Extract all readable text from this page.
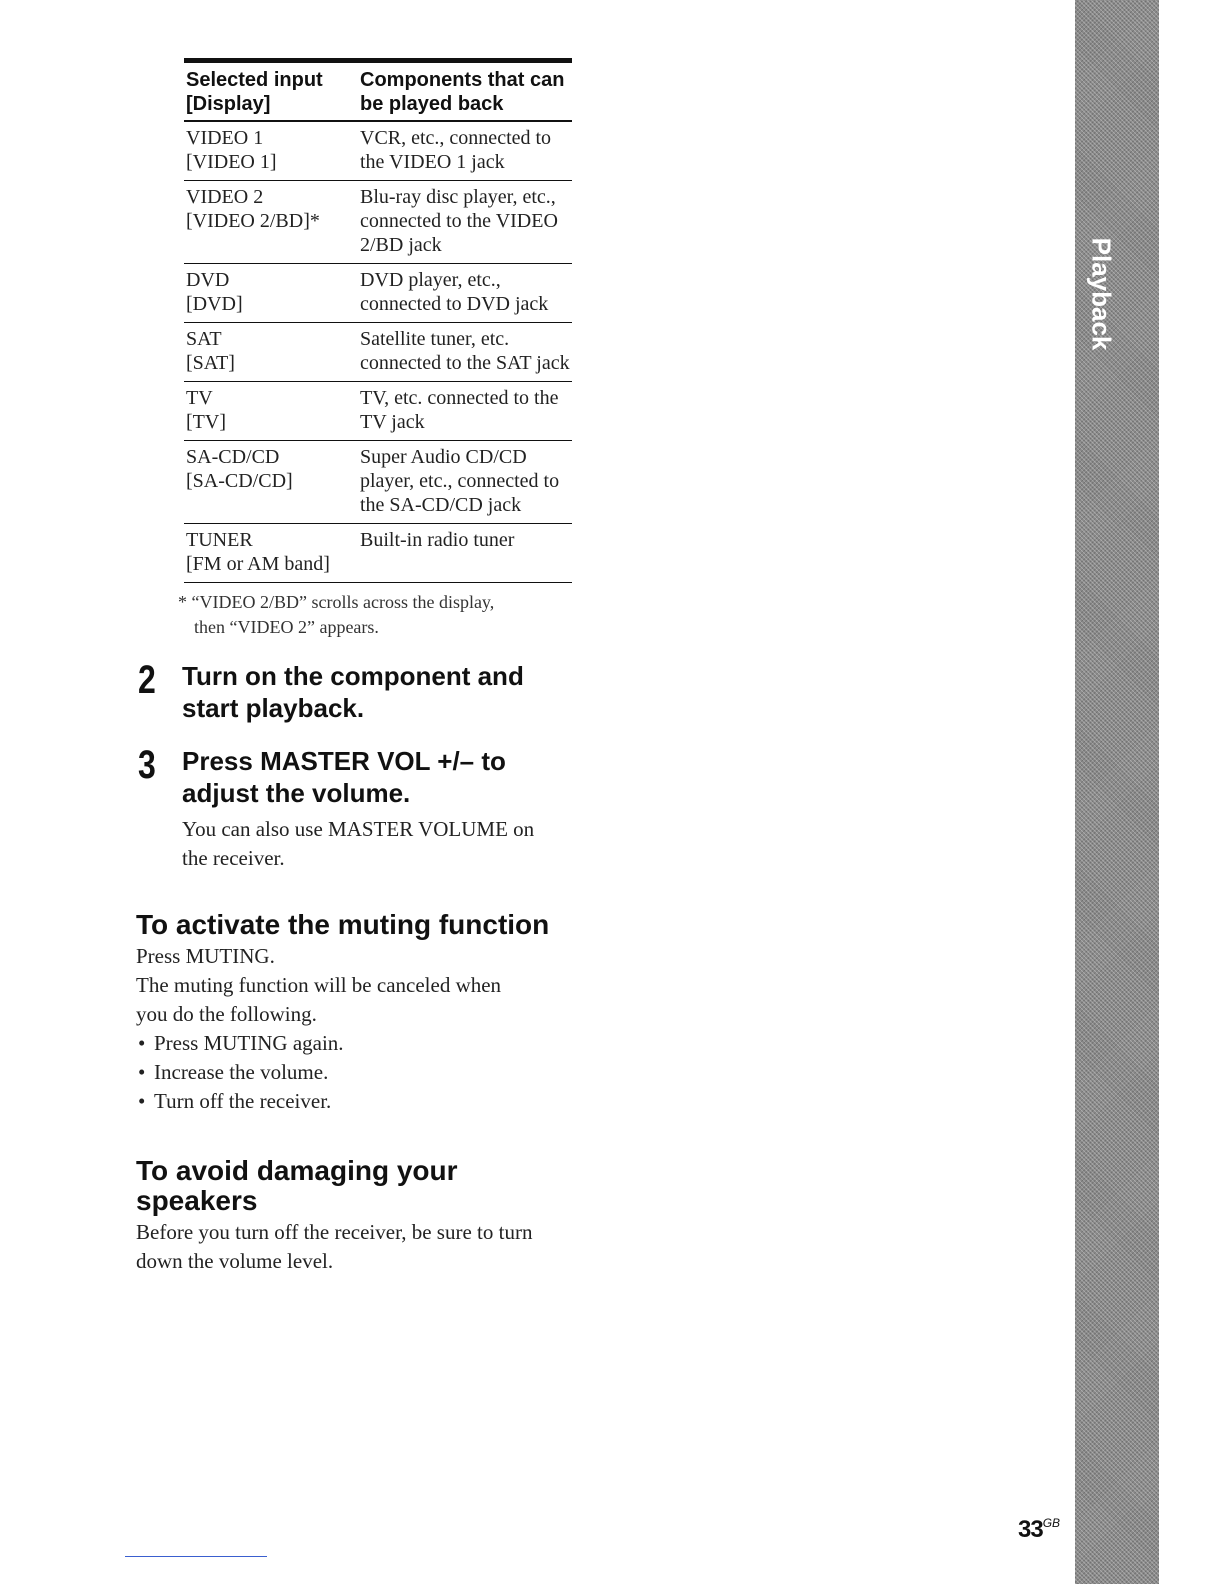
Selected input
[Display]	Components that can
be played back

VIDEO 1
[VIDEO 1]	VCR, etc., connected to
the VIDEO 1 jack

VIDEO 2
[VIDEO 2/BD]*	Blu-ray disc player, etc.,
connected to the VIDEO
2/BD jack

DVD
[DVD]	DVD player, etc.,
connected to DVD jack

SAT
[SAT]	Satellite tuner, etc.
connected to the SAT jack

TV
[TV]	TV, etc. connected to the
TV jack

SA-CD/CD
[SA-CD/CD]	Super Audio CD/CD
player, etc., connected to
the SA-CD/CD jack

TUNER
[FM or AM band]	Built-in radio tuner
* “VIDEO 2/BD” scrolls across the display,
then “VIDEO 2” appears.
2 Turn on the component and
start playback.
3 Press MASTER VOL +/– to
adjust the volume.
You can also use MASTER VOLUME on
the receiver.
To activate the muting function
Press MUTING.
The muting function will be canceled when
you do the following.
• Press MUTING again.
• Increase the volume.
• Turn off the receiver.
To avoid damaging your
speakers
Before you turn off the receiver, be sure to turn
down the volume level.
Playback
$33^{GB}$
